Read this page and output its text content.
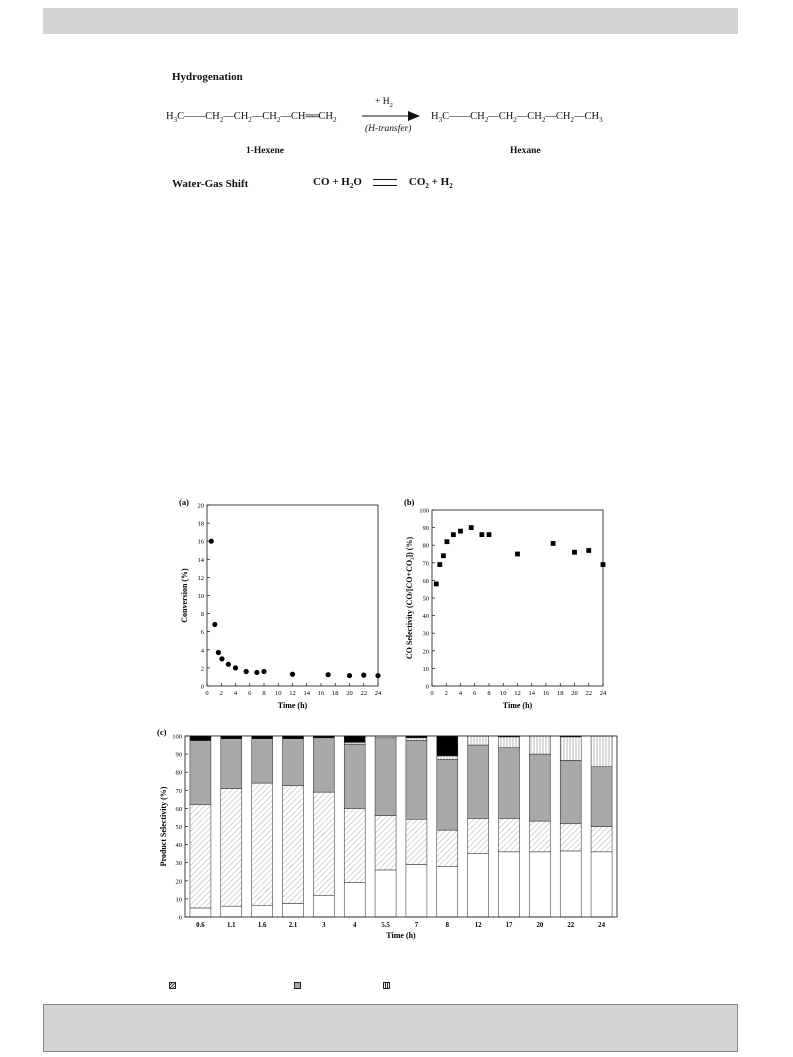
Hydrogenation
$H_3C——CH_2—CH_2—CH_2—CH══CH_2$
+ $H_2$
(H-transfer)
$H_3C——CH_2—CH_2—CH_2—CH_2—CH_3$
1-Hexene	Hexane
Water-Gas Shift	CO + $H_2O$	$CO_2 + H_2$
(a)
0
2
4
6
8
10
12
14
16
18
20
0 2 4 6 8 10 12 14 16 18 20 22 24
Time (h)
Conversion (%)
(b)
0
10
20
30
40
50
60
70
80
90
100
0 2 4 6 8 10 12 14 16 18 20 22 24
Time (h)
CO Selectivity (CO/[CO+CO₂]) (%)
(c)
0.6	1.1	1.6	2.1	3	4	5.5	7	8	12	17	20	22	24
0
10
20
30
40
50
60
70
80
90
100
Time (h)
Product Selectivity (%)
